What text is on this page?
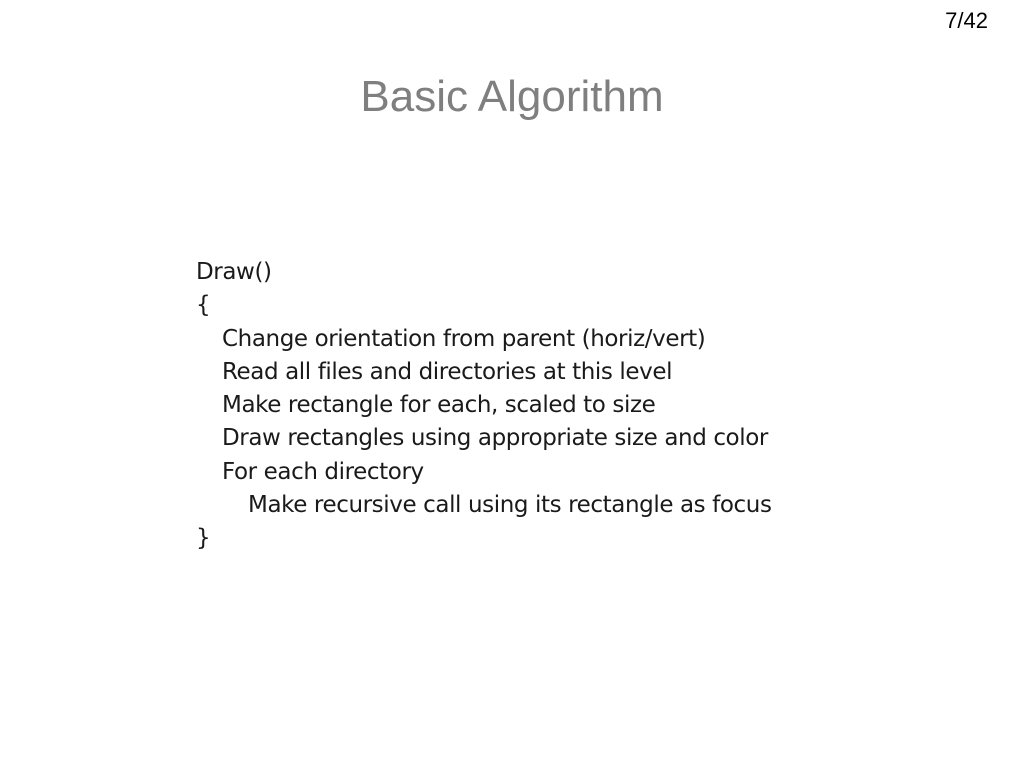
7/42
Basic Algorithm
Draw()
{
Change orientation from parent (horiz/vert)
Read all files and directories at this level
Make rectangle for each, scaled to size
Draw rectangles using appropriate size and color
For each directory
Make recursive call using its rectangle as focus
}
